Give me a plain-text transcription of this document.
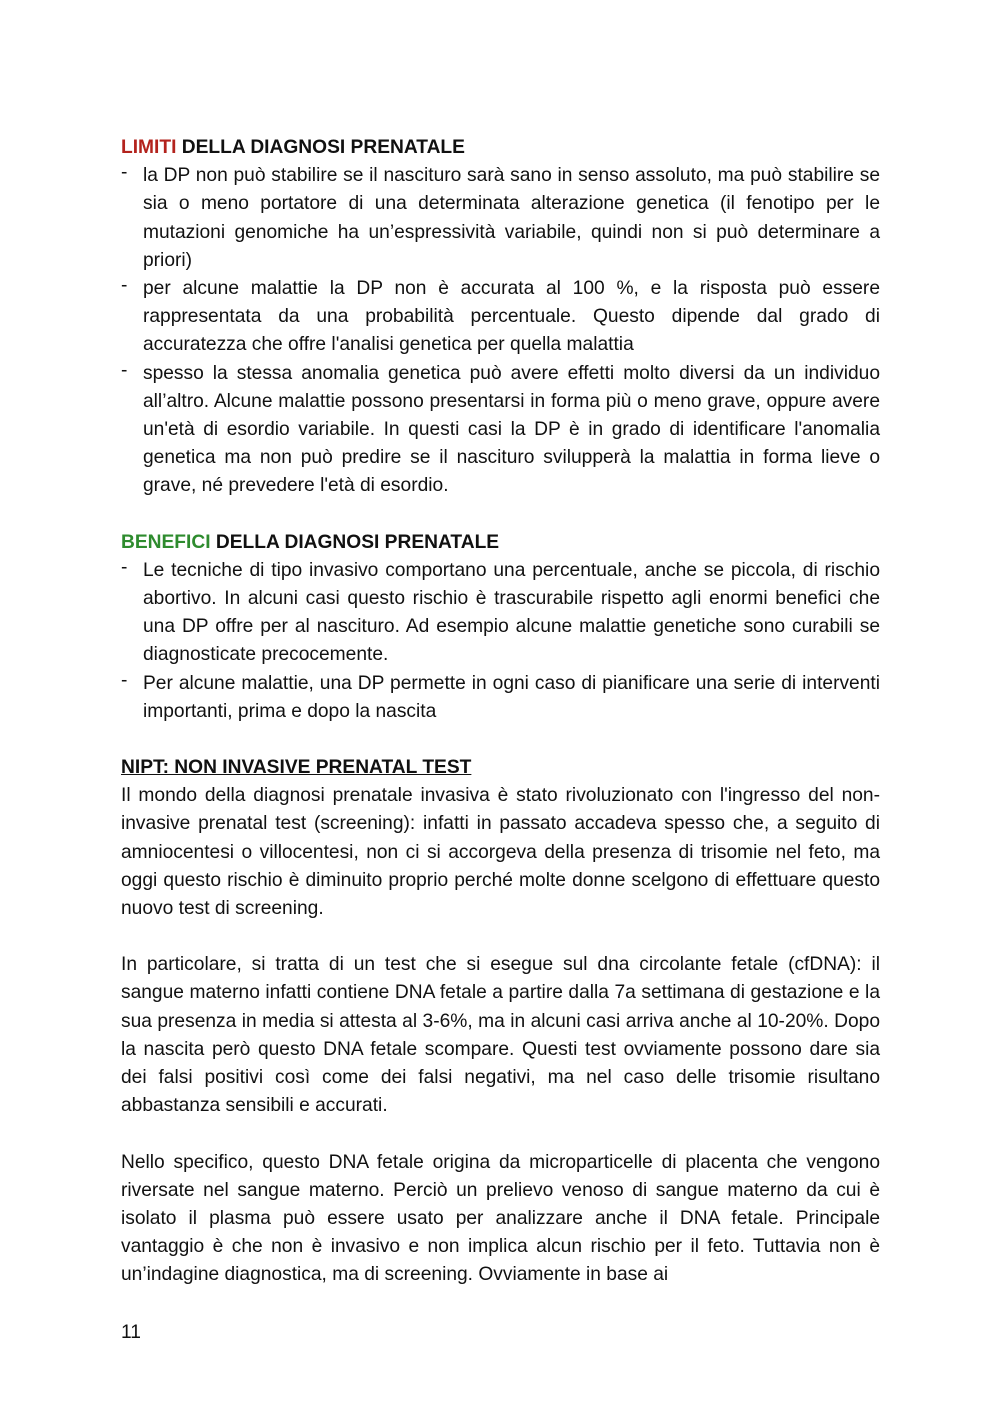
LIMITI DELLA DIAGNOSI PRENATALE
- la DP non può stabilire se il nascituro sarà sano in senso assoluto, ma può stabilire se sia o meno portatore di una determinata alterazione genetica (il fenotipo per le mutazioni genomiche ha un’espressività variabile, quindi non si può determinare a priori)
- per alcune malattie la DP non è accurata al 100 %, e la risposta può essere rappresentata da una probabilità percentuale. Questo dipende dal grado di accuratezza che offre l'analisi genetica per quella malattia
- spesso la stessa anomalia genetica può avere effetti molto diversi da un individuo all’altro. Alcune malattie possono presentarsi in forma più o meno grave, oppure avere un'età di esordio variabile. In questi casi la DP è in grado di identificare l'anomalia genetica ma non può predire se il nascituro svilupperà la malattia in forma lieve o grave, né prevedere l'età di esordio.
BENEFICI DELLA DIAGNOSI PRENATALE
- Le tecniche di tipo invasivo comportano una percentuale, anche se piccola, di rischio abortivo. In alcuni casi questo rischio è trascurabile rispetto agli enormi benefici che una DP offre per al nascituro. Ad esempio alcune malattie genetiche sono curabili se diagnosticate precocemente.
- Per alcune malattie, una DP permette in ogni caso di pianificare una serie di interventi importanti, prima e dopo la nascita
NIPT: NON INVASIVE PRENATAL TEST

Il mondo della diagnosi prenatale invasiva è stato rivoluzionato con l'ingresso del non-invasive prenatal test (screening): infatti in passato accadeva spesso che, a seguito di amniocentesi o villocentesi, non ci si accorgeva della presenza di trisomie nel feto, ma oggi questo rischio è diminuito proprio perché molte donne scelgono di effettuare questo nuovo test di screening.

In particolare, si tratta di un test che si esegue sul dna circolante fetale (cfDNA): il sangue materno infatti contiene DNA fetale a partire dalla 7a settimana di gestazione e la sua presenza in media si attesta al 3-6%, ma in alcuni casi arriva anche al 10-20%. Dopo la nascita però questo DNA fetale scompare. Questi test ovviamente possono dare sia dei falsi positivi così come dei falsi negativi, ma nel caso delle trisomie risultano abbastanza sensibili e accurati.

Nello specifico, questo DNA fetale origina da microparticelle di placenta che vengono riversate nel sangue materno. Perciò un prelievo venoso di sangue materno da cui è isolato il plasma può essere usato per analizzare anche il DNA fetale. Principale vantaggio è che non è invasivo e non implica alcun rischio per il feto. Tuttavia non è un’indagine diagnostica, ma di screening. Ovviamente in base ai

11
